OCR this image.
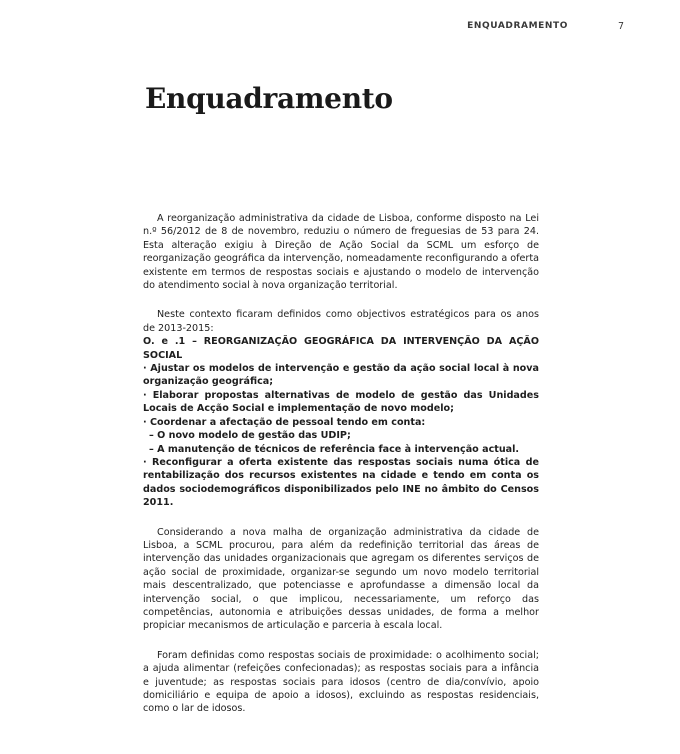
ENQUADRAMENTO	7
Enquadramento

A reorganização administrativa da cidade de Lisboa, conforme disposto na Lei n.º 56/2012 de 8 de novembro, reduziu o número de freguesias de 53 para 24. Esta alteração exigiu à Direção de Ação Social da SCML um esforço de reorganização geográfica da intervenção, nomeadamente reconfigurando a oferta existente em termos de respostas sociais e ajustando o modelo de intervenção do atendimento social à nova organização territorial.

Neste contexto ficaram definidos como objectivos estratégicos para os anos de 2013-2015:
O. e .1 – REORGANIZAÇÃO GEOGRÁFICA DA INTERVENÇÃO DA AÇÃO SOCIAL
· Ajustar os modelos de intervenção e gestão da ação social local à nova organização geográfica;
· Elaborar propostas alternativas de modelo de gestão das Unidades Locais de Acção Social e implementação de novo modelo;
· Coordenar a afectação de pessoal tendo em conta:
– O novo modelo de gestão das UDIP;
– A manutenção de técnicos de referência face à intervenção actual.
· Reconfigurar a oferta existente das respostas sociais numa ótica de rentabilização dos recursos existentes na cidade e tendo em conta os dados sociodemográficos disponibilizados pelo INE no âmbito do Censos 2011.

Considerando a nova malha de organização administrativa da cidade de Lisboa, a SCML procurou, para além da redefinição territorial das áreas de intervenção das unidades organizacionais que agregam os diferentes serviços de ação social de proximidade, organizar-se segundo um novo modelo territorial mais descentralizado, que potenciasse e aprofundasse a dimensão local da intervenção social, o que implicou, necessariamente, um reforço das competências, autonomia e atribuições dessas unidades, de forma a melhor propiciar mecanismos de articulação e parceria à escala local.

Foram definidas como respostas sociais de proximidade: o acolhimento social; a ajuda alimentar (refeições confecionadas); as respostas sociais para a infância e juventude; as respostas sociais para idosos (centro de dia/convívio, apoio domiciliário e equipa de apoio a idosos), excluindo as respostas residenciais, como o lar de idosos.
